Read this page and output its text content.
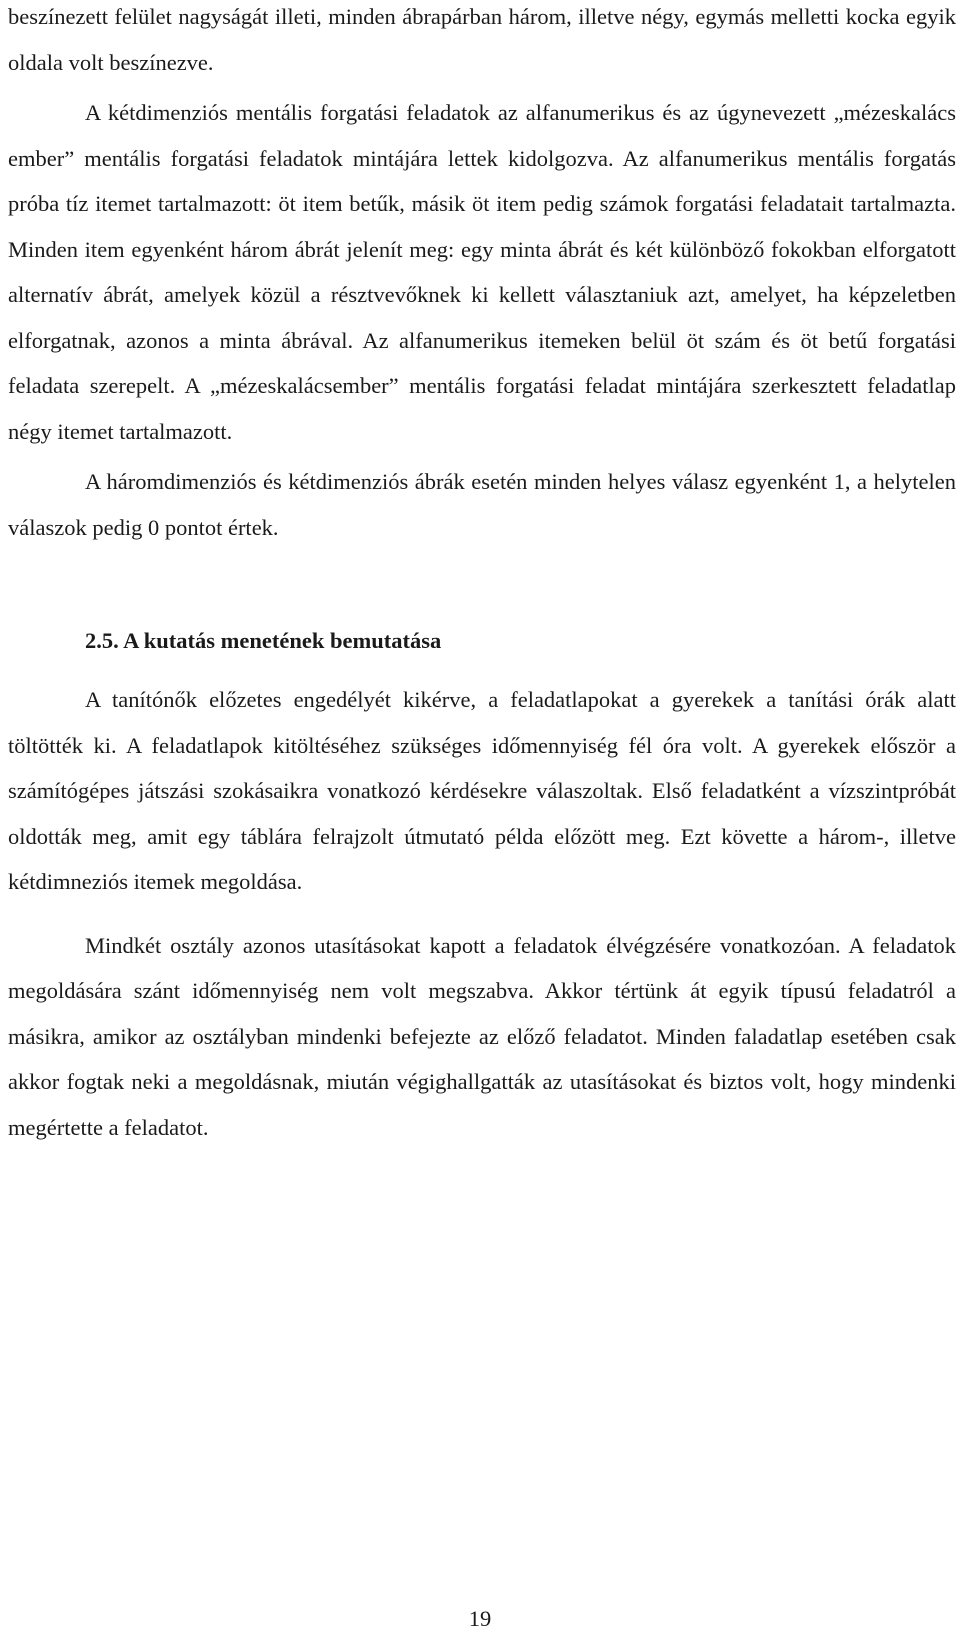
beszínezett felület nagyságát illeti, minden ábrapárban három, illetve négy, egymás melletti kocka egyik oldala volt beszínezve.

A kétdimenziós mentális forgatási feladatok az alfanumerikus és az úgynevezett „mézeskalács ember” mentális forgatási feladatok mintájára lettek kidolgozva. Az alfanumerikus mentális forgatás próba tíz itemet tartalmazott: öt item betűk, másik öt item pedig számok forgatási feladatait tartalmazta. Minden item egyenként három ábrát jelenít meg: egy minta ábrát és két különböző fokokban elforgatott alternatív ábrát, amelyek közül a résztvevőknek ki kellett választaniuk azt, amelyet, ha képzeletben elforgatnak, azonos a minta ábrával. Az alfanumerikus itemeken belül öt szám és öt betű forgatási feladata szerepelt. A „mézeskalácsember” mentális forgatási feladat mintájára szerkesztett feladatlap négy itemet tartalmazott.

A háromdimenziós és kétdimenziós ábrák esetén minden helyes válasz egyenként 1, a helytelen válaszok pedig 0 pontot értek.

2.5. A kutatás menetének bemutatása

A tanítónők előzetes engedélyét kikérve, a feladatlapokat a gyerekek a tanítási órák alatt töltötték ki. A feladatlapok kitöltéséhez szükséges időmennyiség fél óra volt. A gyerekek először a számítógépes játszási szokásaikra vonatkozó kérdésekre válaszoltak. Első feladatként a vízszintpróbát oldották meg, amit egy táblára felrajzolt útmutató példa előzött meg. Ezt követte a három-, illetve kétdimneziós itemek megoldása.

Mindkét osztály azonos utasításokat kapott a feladatok élvégzésére vonatkozóan. A feladatok megoldására szánt időmennyiség nem volt megszabva. Akkor tértünk át egyik típusú feladatról a másikra, amikor az osztályban mindenki befejezte az előző feladatot. Minden faladatlap esetében csak akkor fogtak neki a megoldásnak, miután végighallgatták az utasításokat és biztos volt, hogy mindenki megértette a feladatot.

19
